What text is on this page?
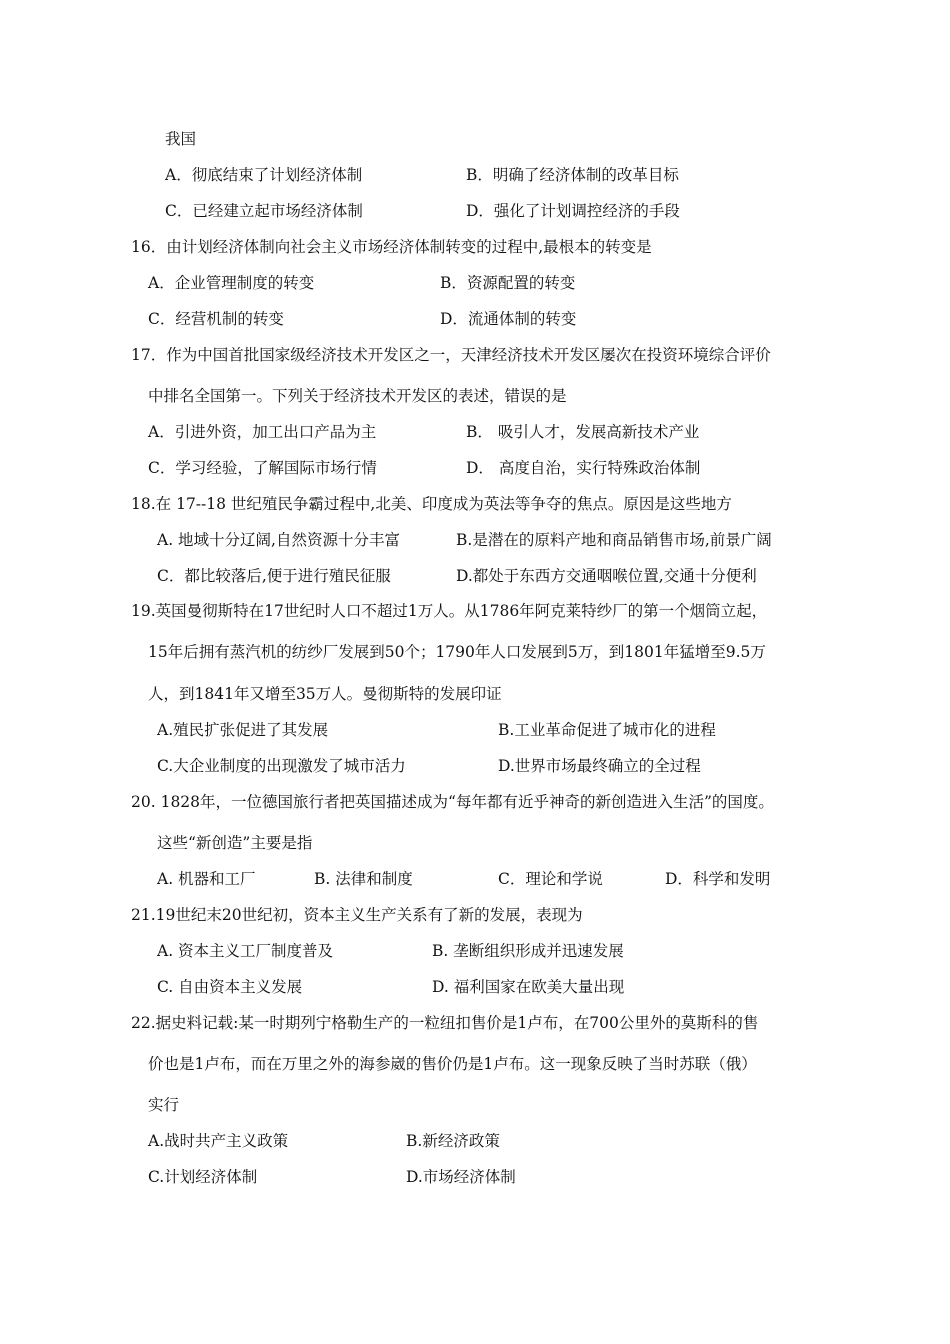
我国
A．彻底结束了计划经济体制	B．明确了经济体制的改革目标
C．已经建立起市场经济体制	D．强化了计划调控经济的手段
16．由计划经济体制向社会主义市场经济体制转变的过程中,最根本的转变是
A．企业管理制度的转变	B．资源配置的转变
C．经营机制的转变	D．流通体制的转变
17．作为中国首批国家级经济技术开发区之一，天津经济技术开发区屡次在投资环境综合评价
中排名全国第一。下列关于经济技术开发区的表述，错误的是
A．引进外资，加工出口产品为主	B． 吸引人才，发展高新技术产业
C．学习经验，了解国际市场行情	D． 高度自治，实行特殊政治体制
18.在 17--18 世纪殖民争霸过程中,北美、印度成为英法等争夺的焦点。原因是这些地方
A. 地域十分辽阔,自然资源十分丰富	B.是潜在的原料产地和商品销售市场,前景广阔
C．都比较落后,便于进行殖民征服	D.都处于东西方交通咽喉位置,交通十分便利
19.英国曼彻斯特在17世纪时人口不超过1万人。从1786年阿克莱特纱厂的第一个烟筒立起，
15年后拥有蒸汽机的纺纱厂发展到50个；1790年人口发展到5万，到1801年猛增至9.5万
人，到1841年又增至35万人。曼彻斯特的发展印证
A.殖民扩张促进了其发展	B.工业革命促进了城市化的进程
C.大企业制度的出现激发了城市活力	D.世界市场最终确立的全过程
20. 1828年，一位德国旅行者把英国描述成为“每年都有近乎神奇的新创造进入生活”的国度。
这些“新创造”主要是指
A. 机器和工厂	B. 法律和制度	C．理论和学说	D．科学和发明
21.19世纪末20世纪初，资本主义生产关系有了新的发展，表现为
A. 资本主义工厂制度普及	B. 垄断组织形成并迅速发展
C. 自由资本主义发展	D. 福利国家在欧美大量出现
22.据史料记载:某一时期列宁格勒生产的一粒纽扣售价是1卢布，在700公里外的莫斯科的售
价也是1卢布，而在万里之外的海参崴的售价仍是1卢布。这一现象反映了当时苏联（俄）
实行
A.战时共产主义政策	B.新经济政策
C.计划经济体制	D.市场经济体制
